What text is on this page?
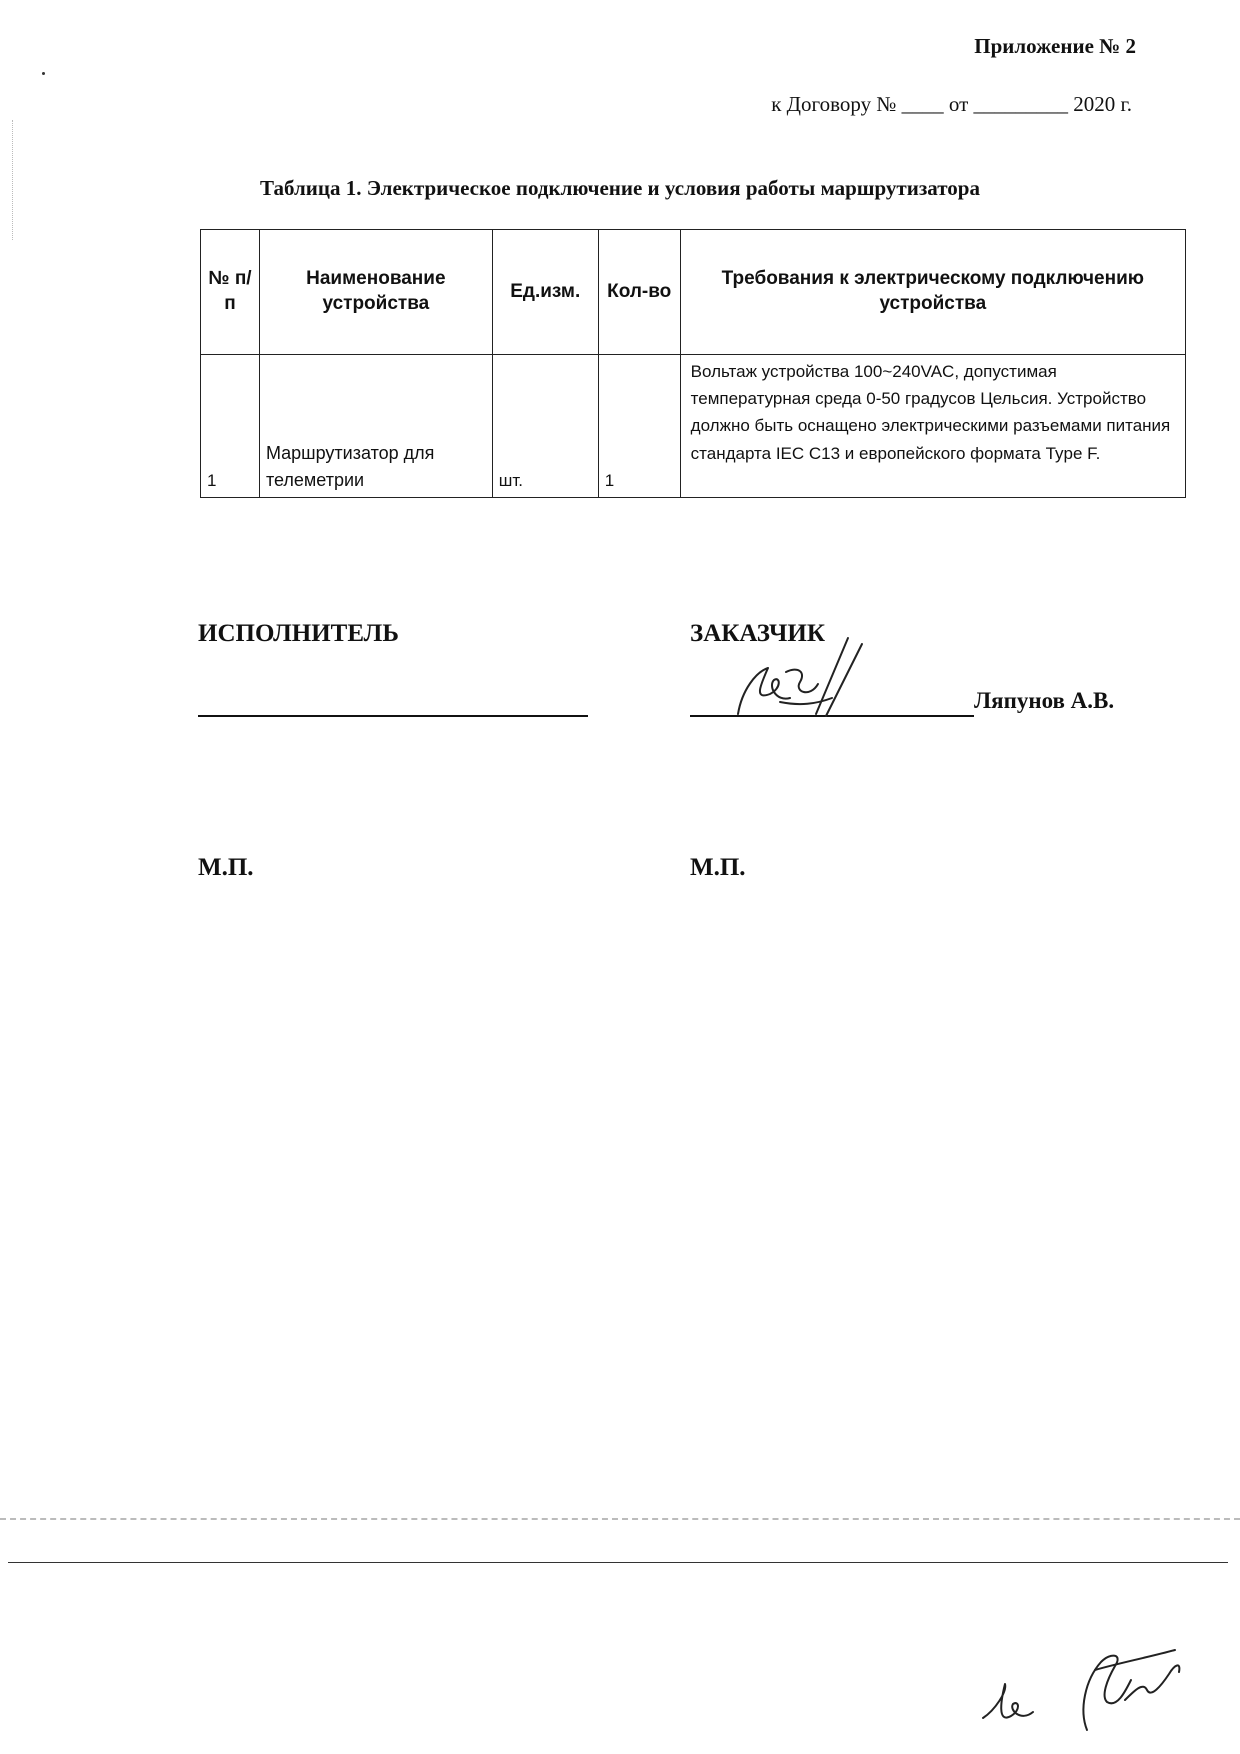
Приложение № 2
к Договору № ____ от _________ 2020 г.
Таблица 1. Электрическое подключение и условия работы маршрутизатора
№ п/п	Наименование устройства	Ед.изм.	Кол-во	Требования к электрическому подключению устройства
1	Маршрутизатор для телеметрии	шт.	1	Вольтаж устройства 100~240VAC, допустимая температурная среда 0-50 градусов Цельсия. Устройство должно быть оснащено электрическими разъемами питания стандарта IEC C13 и европейского формата Type F.
ИСПОЛНИТЕЛЬ	ЗАКАЗЧИК
Ляпунов А.В.
М.П.	М.П.
